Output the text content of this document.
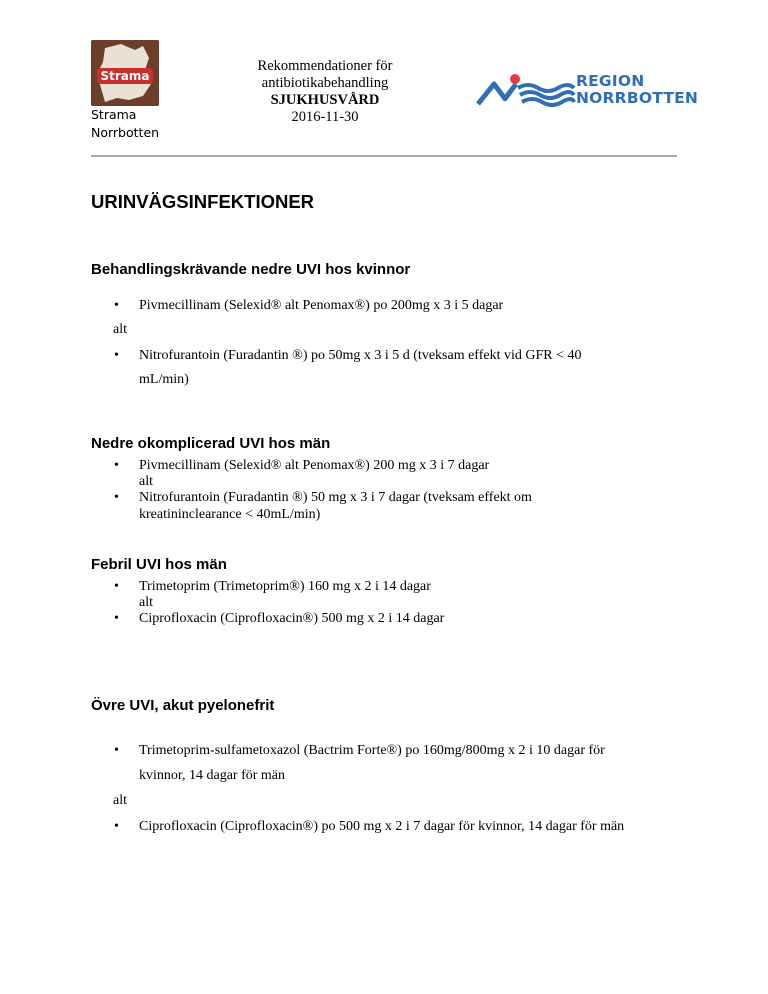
Strama
Strama
Norrbotten
Rekommendationer för
antibiotikabehandling
SJUKHUSVÅRD
2016-11-30
REGION
NORRBOTTEN
URINVÄGSINFEKTIONER
Behandlingskrävande nedre UVI hos kvinnor
• Pivmecillinam (Selexid® alt Penomax®) po 200mg x 3 i 5 dagar
alt
• Nitrofurantoin (Furadantin ®) po 50mg x 3 i 5 d (tveksam effekt vid GFR < 40
mL/min)
Nedre okomplicerad UVI hos män
• Pivmecillinam (Selexid® alt Penomax®) 200 mg x 3 i 7 dagar
alt
• Nitrofurantoin (Furadantin ®) 50 mg x 3 i 7 dagar (tveksam effekt om
kreatininclearance < 40mL/min)
Febril UVI hos män
• Trimetoprim (Trimetoprim®) 160 mg x 2 i 14 dagar
alt
• Ciprofloxacin (Ciprofloxacin®) 500 mg x 2 i 14 dagar
Övre UVI, akut pyelonefrit
• Trimetoprim-sulfametoxazol (Bactrim Forte®) po 160mg/800mg x 2 i 10 dagar för
kvinnor, 14 dagar för män
alt
• Ciprofloxacin (Ciprofloxacin®) po 500 mg x 2 i 7 dagar för kvinnor, 14 dagar för män
